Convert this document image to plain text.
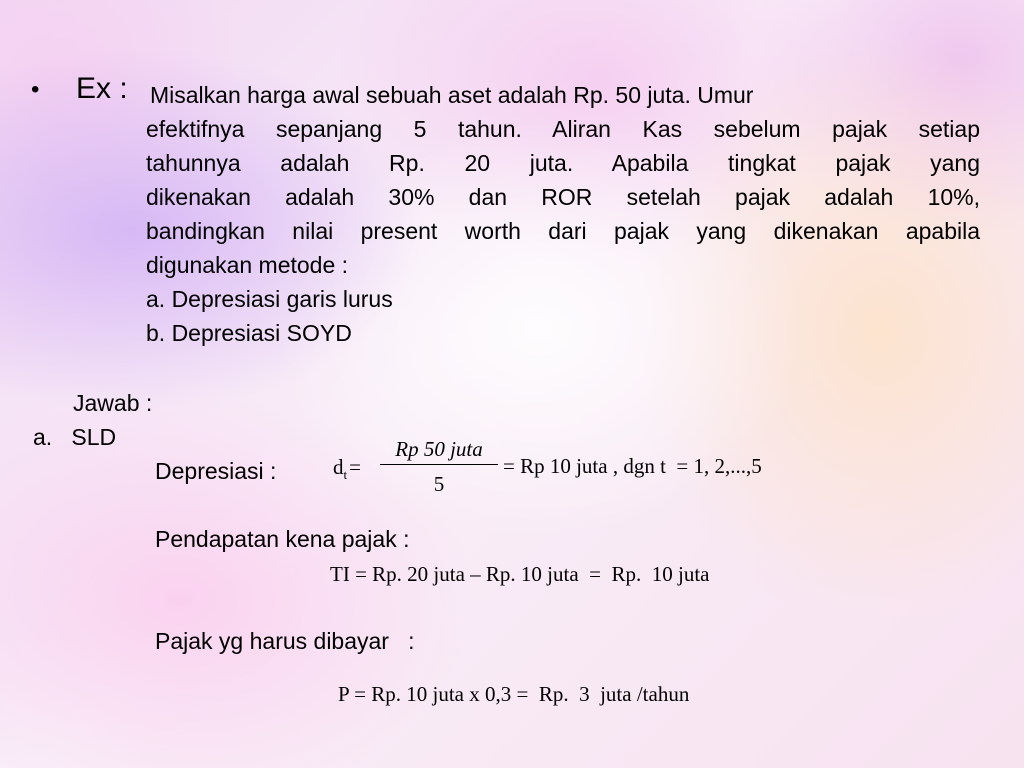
• Ex : Misalkan harga awal sebuah aset adalah Rp. 50 juta. Umur
efektifnya sepanjang 5 tahun. Aliran Kas sebelum pajak setiap
tahunnya adalah Rp. 20 juta. Apabila tingkat pajak yang
dikenakan adalah 30% dan ROR setelah pajak adalah 10%,
bandingkan nilai present worth dari pajak yang dikenakan apabila
digunakan metode :
a. Depresiasi garis lurus
b. Depresiasi SOYD
Jawab :
a.   SLD
Depresiasi :	$d_t=$
Rp 50 juta
5
= Rp 10 juta , dgn t  = 1, 2,...,5
Pendapatan kena pajak :
TI = Rp. 20 juta – Rp. 10 juta  =  Rp.  10 juta
Pajak yg harus dibayar   :
P = Rp. 10 juta x 0,3 =  Rp.  3  juta /tahun
